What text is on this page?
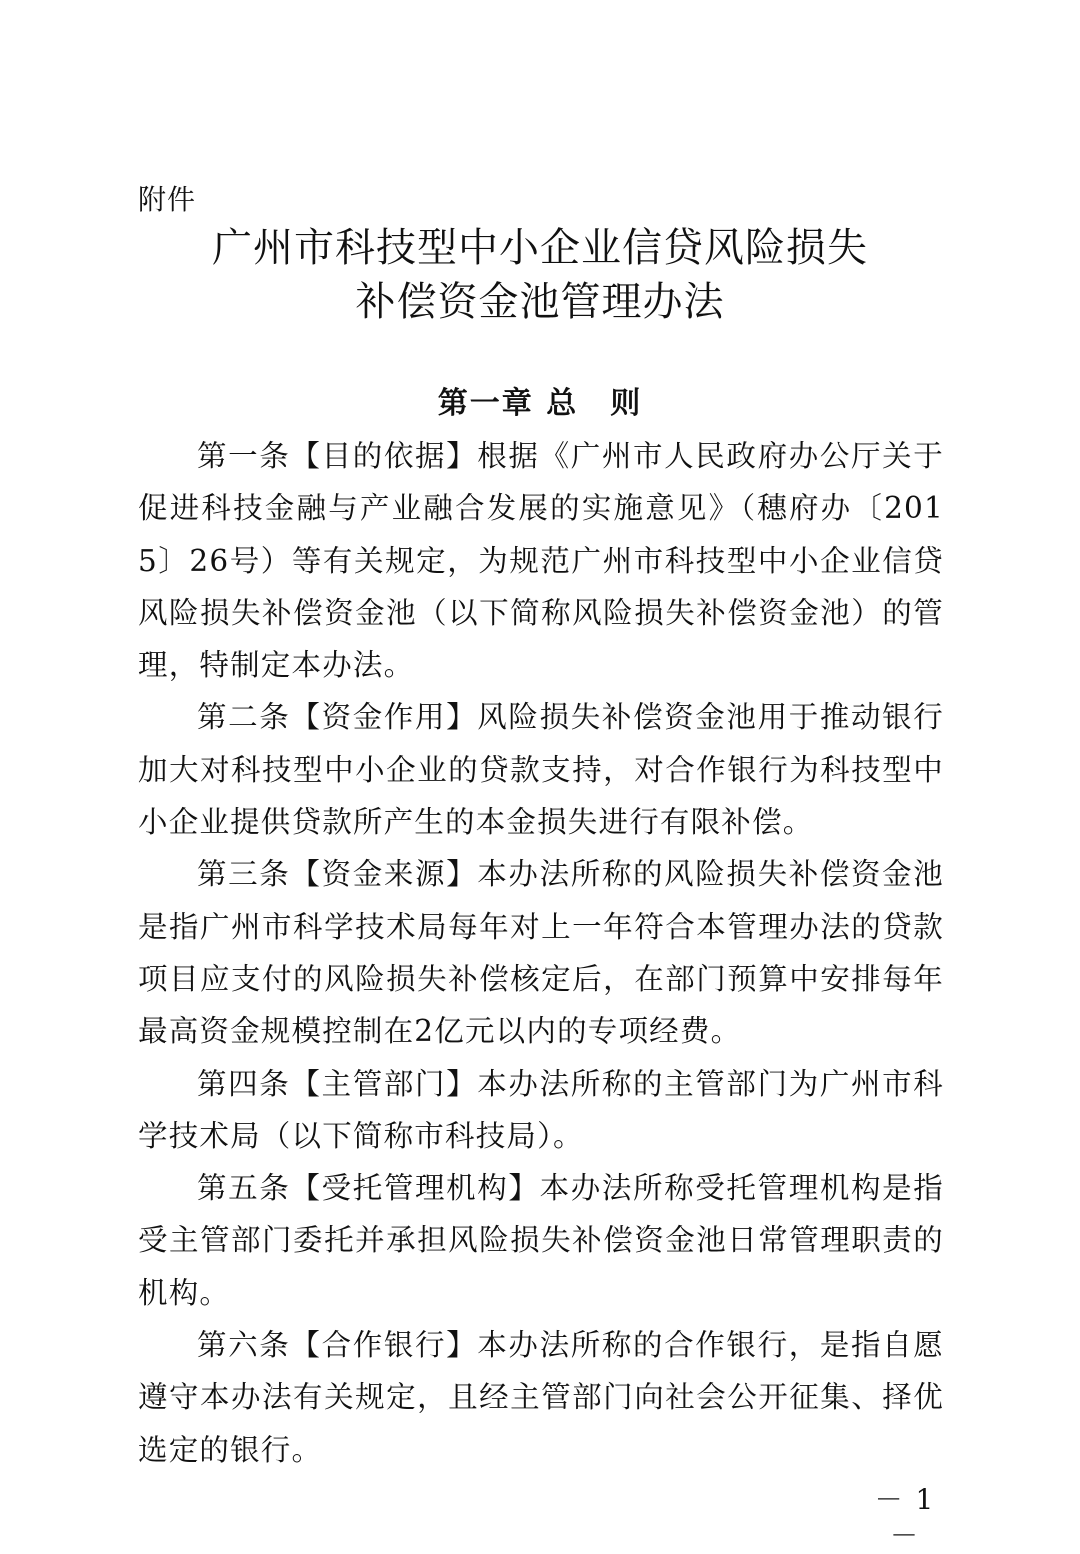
附件
广州市科技型中小企业信贷风险损失
补偿资金池管理办法
第一章 总　则

第一条【目的依据】根据《广州市人民政府办公厅关于促进科技金融与产业融合发展的实施意见》（穗府办〔2015〕26号）等有关规定，为规范广州市科技型中小企业信贷风险损失补偿资金池（以下简称风险损失补偿资金池）的管理，特制定本办法。

第二条【资金作用】风险损失补偿资金池用于推动银行加大对科技型中小企业的贷款支持，对合作银行为科技型中小企业提供贷款所产生的本金损失进行有限补偿。

第三条【资金来源】本办法所称的风险损失补偿资金池是指广州市科学技术局每年对上一年符合本管理办法的贷款项目应支付的风险损失补偿核定后，在部门预算中安排每年最高资金规模控制在2亿元以内的专项经费。

第四条【主管部门】本办法所称的主管部门为广州市科学技术局（以下简称市科技局）。

第五条【受托管理机构】本办法所称受托管理机构是指受主管部门委托并承担风险损失补偿资金池日常管理职责的机构。

第六条【合作银行】本办法所称的合作银行，是指自愿遵守本办法有关规定，且经主管部门向社会公开征集、择优选定的银行。

－ 1 －
